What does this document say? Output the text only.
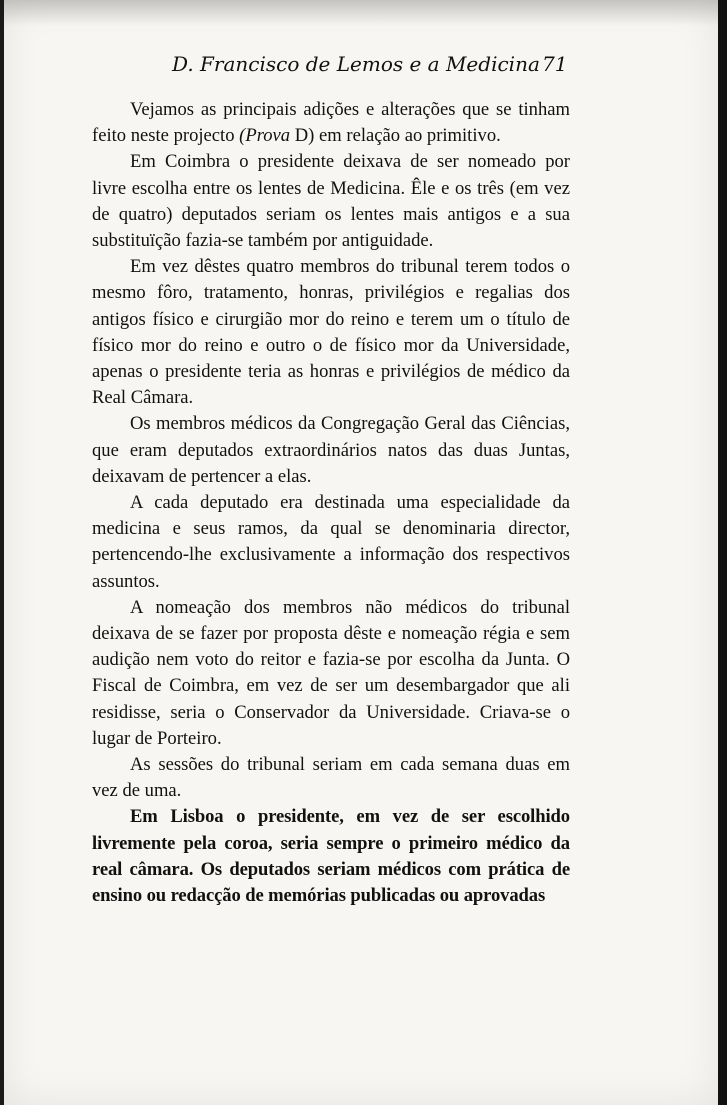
D. Francisco de Lemos e a Medicina 71

Vejamos as principais adições e alterações que se tinham feito neste projecto (Prova D) em relação ao primitivo.

Em Coimbra o presidente deixava de ser nomeado por livre escolha entre os lentes de Medicina. Êle e os três (em vez de quatro) deputados seriam os lentes mais antigos e a sua substituïção fazia-se também por antiguidade.

Em vez dêstes quatro membros do tribunal terem todos o mesmo fôro, tratamento, honras, privilégios e regalias dos antigos físico e cirurgião mor do reino e terem um o título de físico mor do reino e outro o de físico mor da Universidade, apenas o presidente teria as honras e privilégios de médico da Real Câmara.

Os membros médicos da Congregação Geral das Ciências, que eram deputados extraordinários natos das duas Juntas, deixavam de pertencer a elas.

A cada deputado era destinada uma especialidade da medicina e seus ramos, da qual se denominaria director, pertencendo-lhe exclusivamente a informação dos respectivos assuntos.

A nomeação dos membros não médicos do tribunal deixava de se fazer por proposta dêste e nomeação régia e sem audição nem voto do reitor e fazia-se por escolha da Junta. O Fiscal de Coimbra, em vez de ser um desembargador que ali residisse, seria o Conservador da Universidade. Criava-se o lugar de Porteiro.

As sessões do tribunal seriam em cada semana duas em vez de uma.

Em Lisboa o presidente, em vez de ser escolhido livremente pela coroa, seria sempre o primeiro médico da real câmara. Os deputados seriam médicos com prática de ensino ou redacção de memórias publicadas ou aprovadas
